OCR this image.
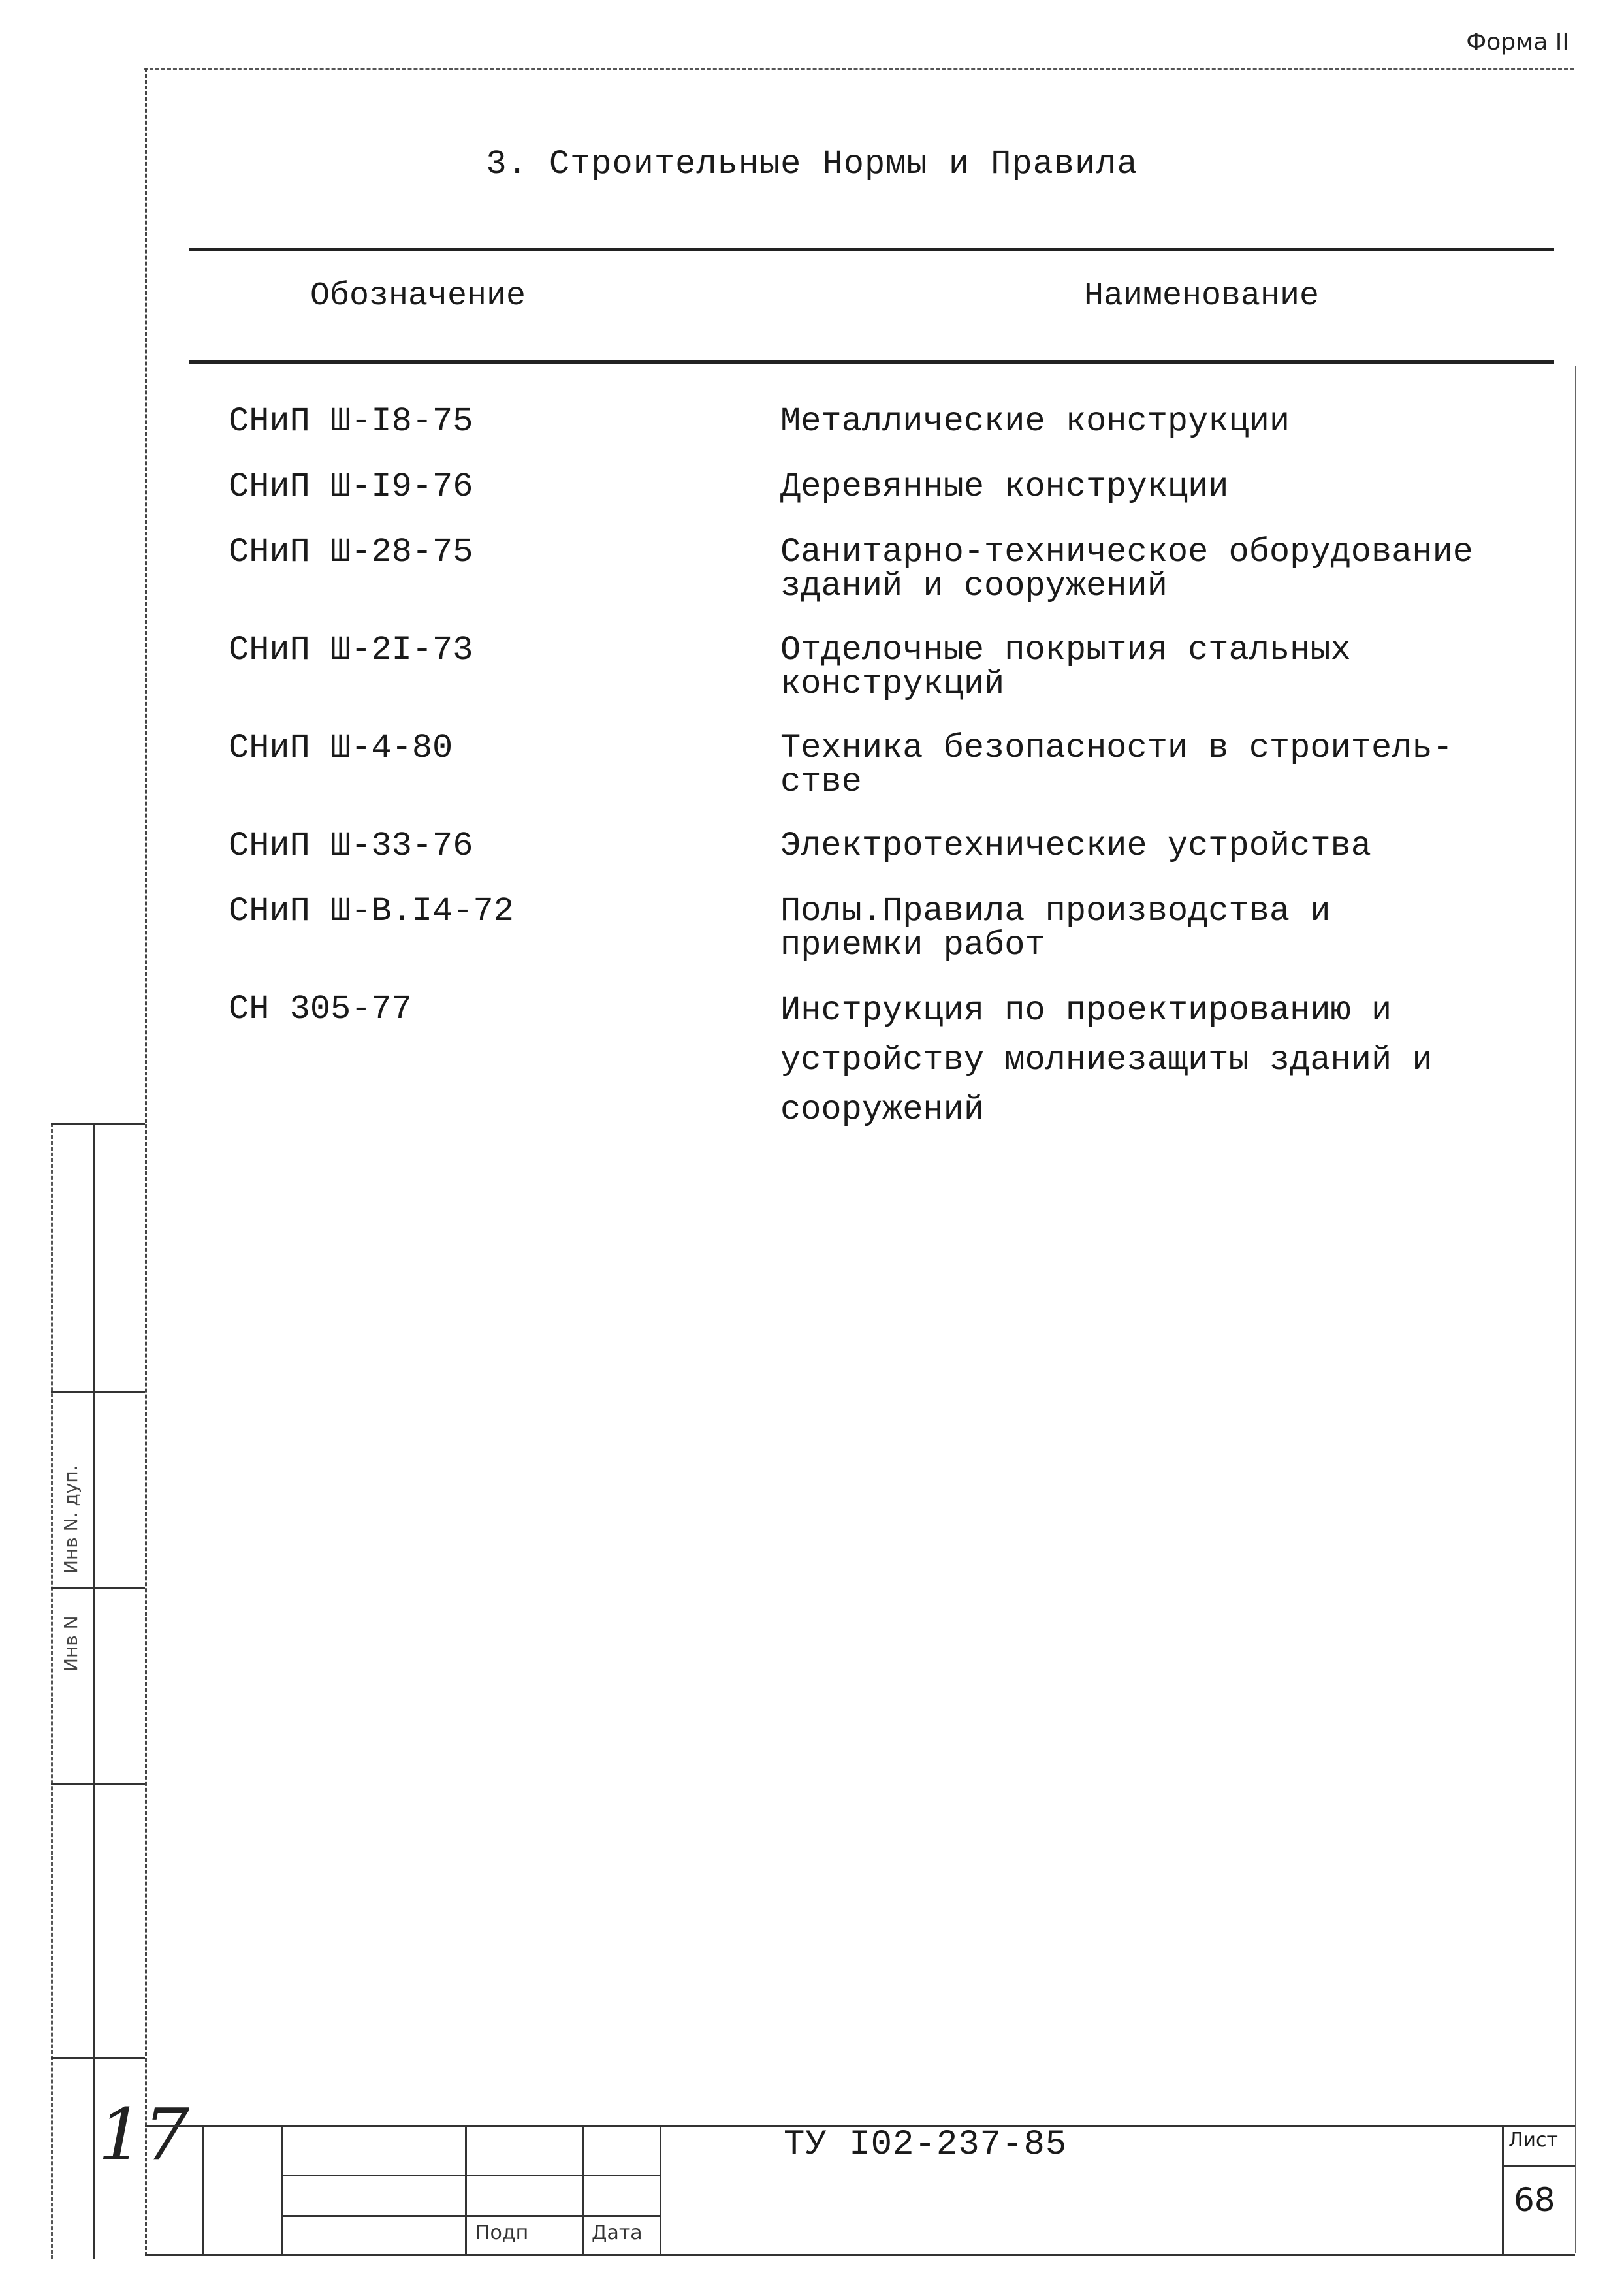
Форма II
3. Строительные Нормы и Правила
Обозначение	Наименование
СНиП Ш-I8-75	Металлические конструкции
СНиП Ш-I9-76	Деревянные конструкции
СНиП Ш-28-75	Санитарно-техническое оборудование
зданий и сооружений
СНиП Ш-2I-73	Отделочные покрытия стальных
конструкций
СНиП Ш-4-80	Техника безопасности в строитель-
стве
СНиП Ш-33-76	Электротехнические устройства
СНиП Ш-В.I4-72	Полы.Правила производства и
приемки работ
СН 305-77	Инструкция по проектированию и
устройству молниезащиты зданий и
сооружений
Инв N. дуп.
Инв N
17
Подп	Дата
ТУ I02-237-85	Лист
68
